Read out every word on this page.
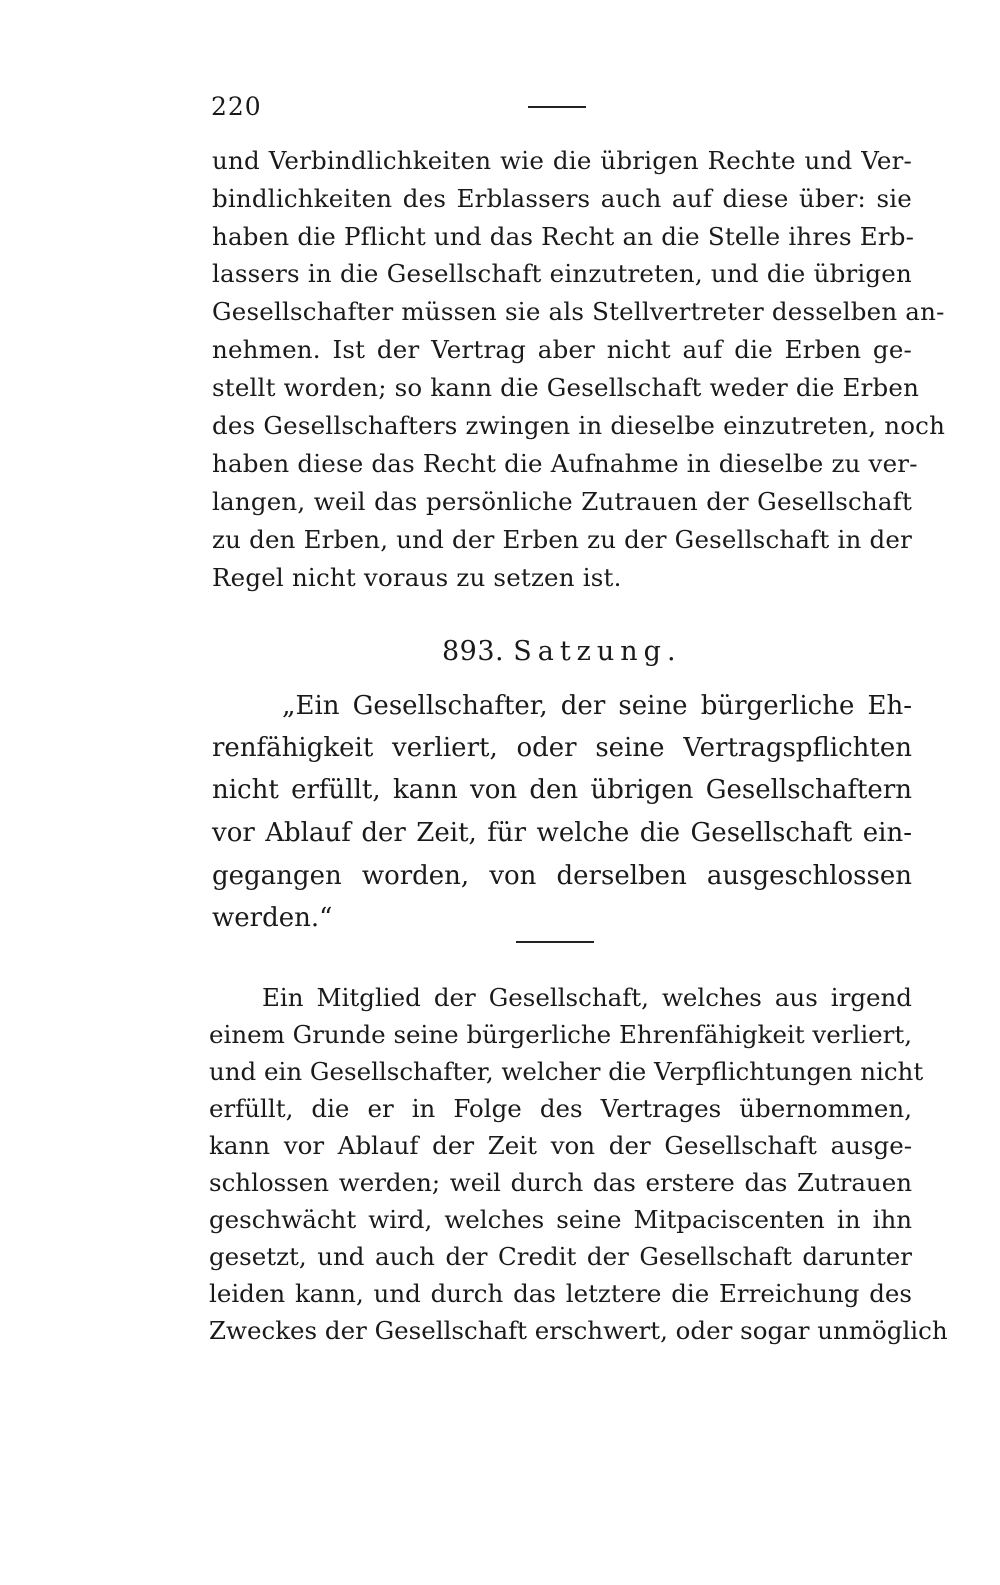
220
und Verbindlichkeiten wie die übrigen Rechte und Ver-
bindlichkeiten des Erblassers auch auf diese über: sie
haben die Pflicht und das Recht an die Stelle ihres Erb-
lassers in die Gesellschaft einzutreten, und die übrigen
Gesellschafter müssen sie als Stellvertreter desselben an-
nehmen. Ist der Vertrag aber nicht auf die Erben ge-
stellt worden; so kann die Gesellschaft weder die Erben
des Gesellschafters zwingen in dieselbe einzutreten, noch
haben diese das Recht die Aufnahme in dieselbe zu ver-
langen, weil das persönliche Zutrauen der Gesellschaft
zu den Erben, und der Erben zu der Gesellschaft in der
Regel nicht voraus zu setzen ist.
893. Satzung.
„Ein Gesellschafter, der seine bürgerliche Eh-
renfähigkeit verliert, oder seine Vertragspflichten
nicht erfüllt, kann von den übrigen Gesellschaftern
vor Ablauf der Zeit, für welche die Gesellschaft ein-
gegangen worden, von derselben ausgeschlossen
werden.“
Ein Mitglied der Gesellschaft, welches aus irgend
einem Grunde seine bürgerliche Ehrenfähigkeit verliert,
und ein Gesellschafter, welcher die Verpflichtungen nicht
erfüllt, die er in Folge des Vertrages übernommen,
kann vor Ablauf der Zeit von der Gesellschaft ausge-
schlossen werden; weil durch das erstere das Zutrauen
geschwächt wird, welches seine Mitpaciscenten in ihn
gesetzt, und auch der Credit der Gesellschaft darunter
leiden kann, und durch das letztere die Erreichung des
Zweckes der Gesellschaft erschwert, oder sogar unmöglich
